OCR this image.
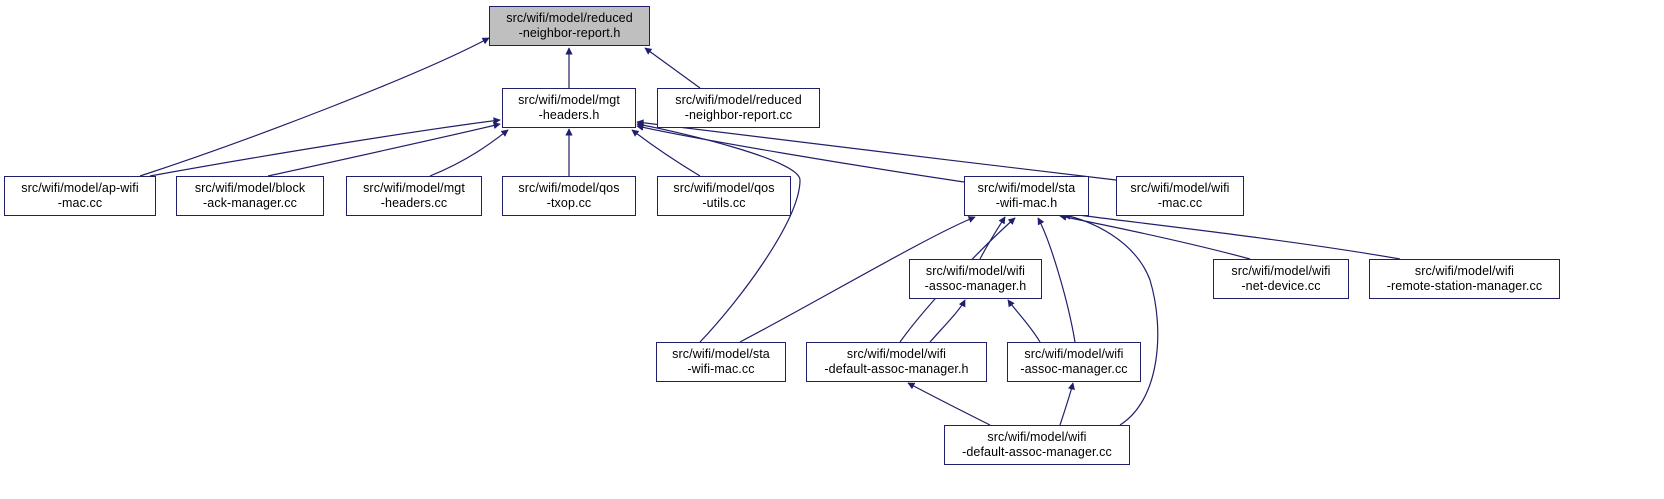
src/wifi/model/reduced
-neighbor-report.h
src/wifi/model/mgt
-headers.h
src/wifi/model/reduced
-neighbor-report.cc
src/wifi/model/ap-wifi
-mac.cc
src/wifi/model/block
-ack-manager.cc
src/wifi/model/mgt
-headers.cc
src/wifi/model/qos
-txop.cc
src/wifi/model/qos
-utils.cc
src/wifi/model/sta
-wifi-mac.h
src/wifi/model/wifi
-mac.cc
src/wifi/model/wifi
-assoc-manager.h
src/wifi/model/wifi
-net-device.cc
src/wifi/model/wifi
-remote-station-manager.cc
src/wifi/model/sta
-wifi-mac.cc
src/wifi/model/wifi
-default-assoc-manager.h
src/wifi/model/wifi
-assoc-manager.cc
src/wifi/model/wifi
-default-assoc-manager.cc
